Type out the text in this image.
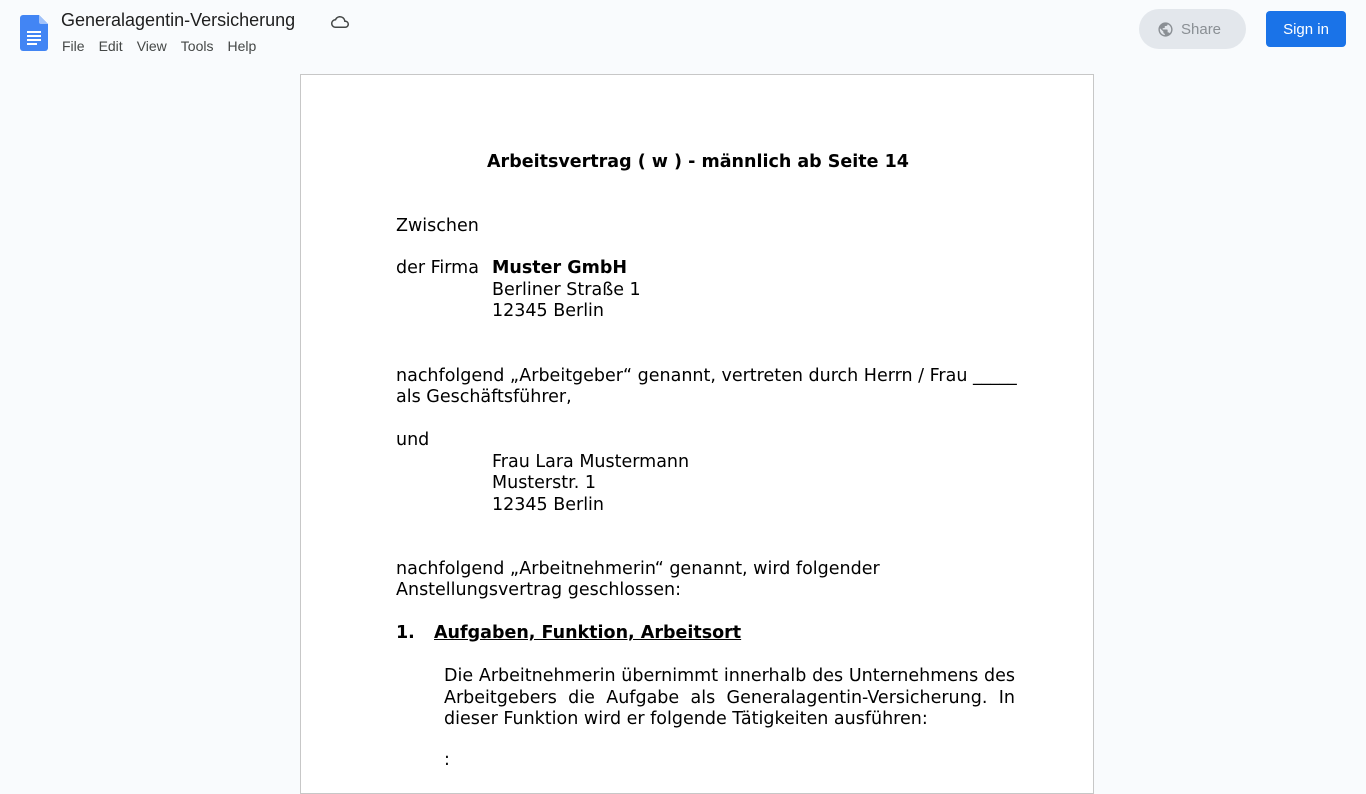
Generalagentin-Versicherung
File	Edit	View	Tools	Help
Share	Sign in
Arbeitsvertrag ( w ) - männlich ab Seite 14
Zwischen
der Firma Muster GmbH
Berliner Straße 1
12345 Berlin
nachfolgend „Arbeitgeber“ genannt, vertreten durch Herrn / Frau _____
als Geschäftsführer,
und
Frau Lara Mustermann
Musterstr. 1
12345 Berlin
nachfolgend „Arbeitnehmerin“ genannt, wird folgender
Anstellungsvertrag geschlossen:
1. Aufgaben, Funktion, Arbeitsort
Die Arbeitnehmerin übernimmt innerhalb des Unternehmens des Arbeitgebers die Aufgabe als Generalagentin-Versicherung. In dieser Funktion wird er folgende Tätigkeiten ausführen:
:
